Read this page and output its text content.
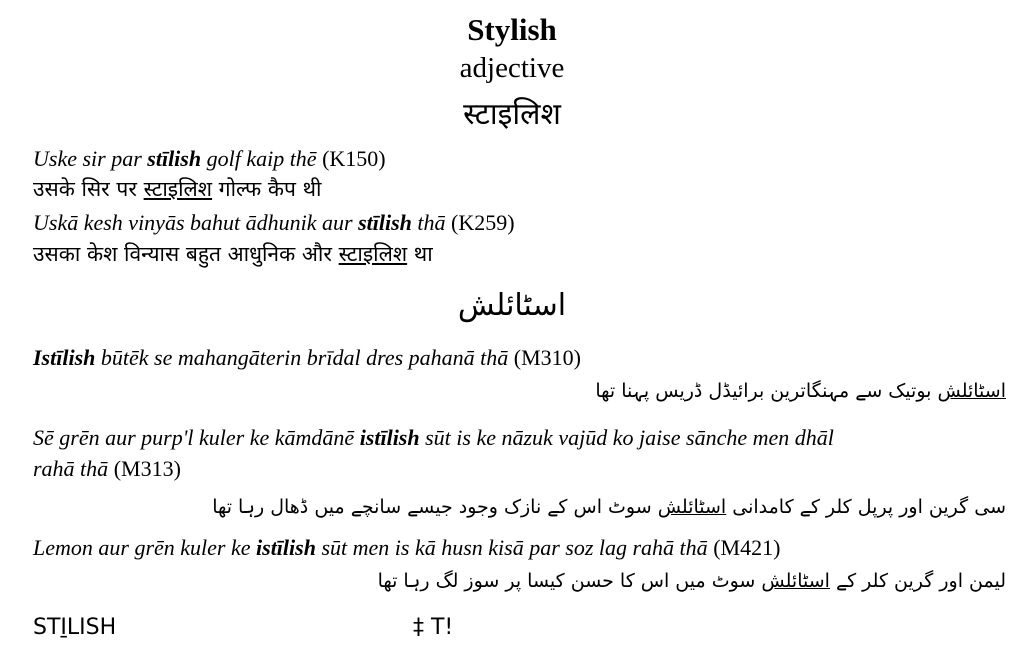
Stylish
adjective
स्टाइलिश
Uske sir par stīlish golf kaip thē (K150)
उसके सिर पर स्टाइलिश गोल्फ कैप थी
Uskā kesh vinyās bahut ādhunik aur stīlish thā (K259)
उसका केश विन्यास बहुत आधुनिक और स्टाइलिश था
اسٹائلش
Istīlish būtēk se mahangāterin brīdal dres pahanā thā (M310)
اسٹائلش بوتیک سے مہنگاترین برائیڈل ڈریس پہنا تھا
Sē grēn aur purp'l kuler ke kāmdānē istīlish sūt is ke nāzuk vajūd ko jaise sānche men dhāl
rahā thā (M313)
سی گرین اور پرپل کلر کے کامدانی اسٹائلش سوٹ اس کے نازک وجود جیسے سانچے میں ڈھال رہا تھا
Lemon aur grēn kuler ke istīlish sūt men is kā husn kisā par soz lag rahā thā (M421)
لیمن اور گرین کلر کے اسٹائلش سوٹ میں اس کا حسن کیسا پر سوز لگ رہا تھا
STI̱LISH	‡ T!
